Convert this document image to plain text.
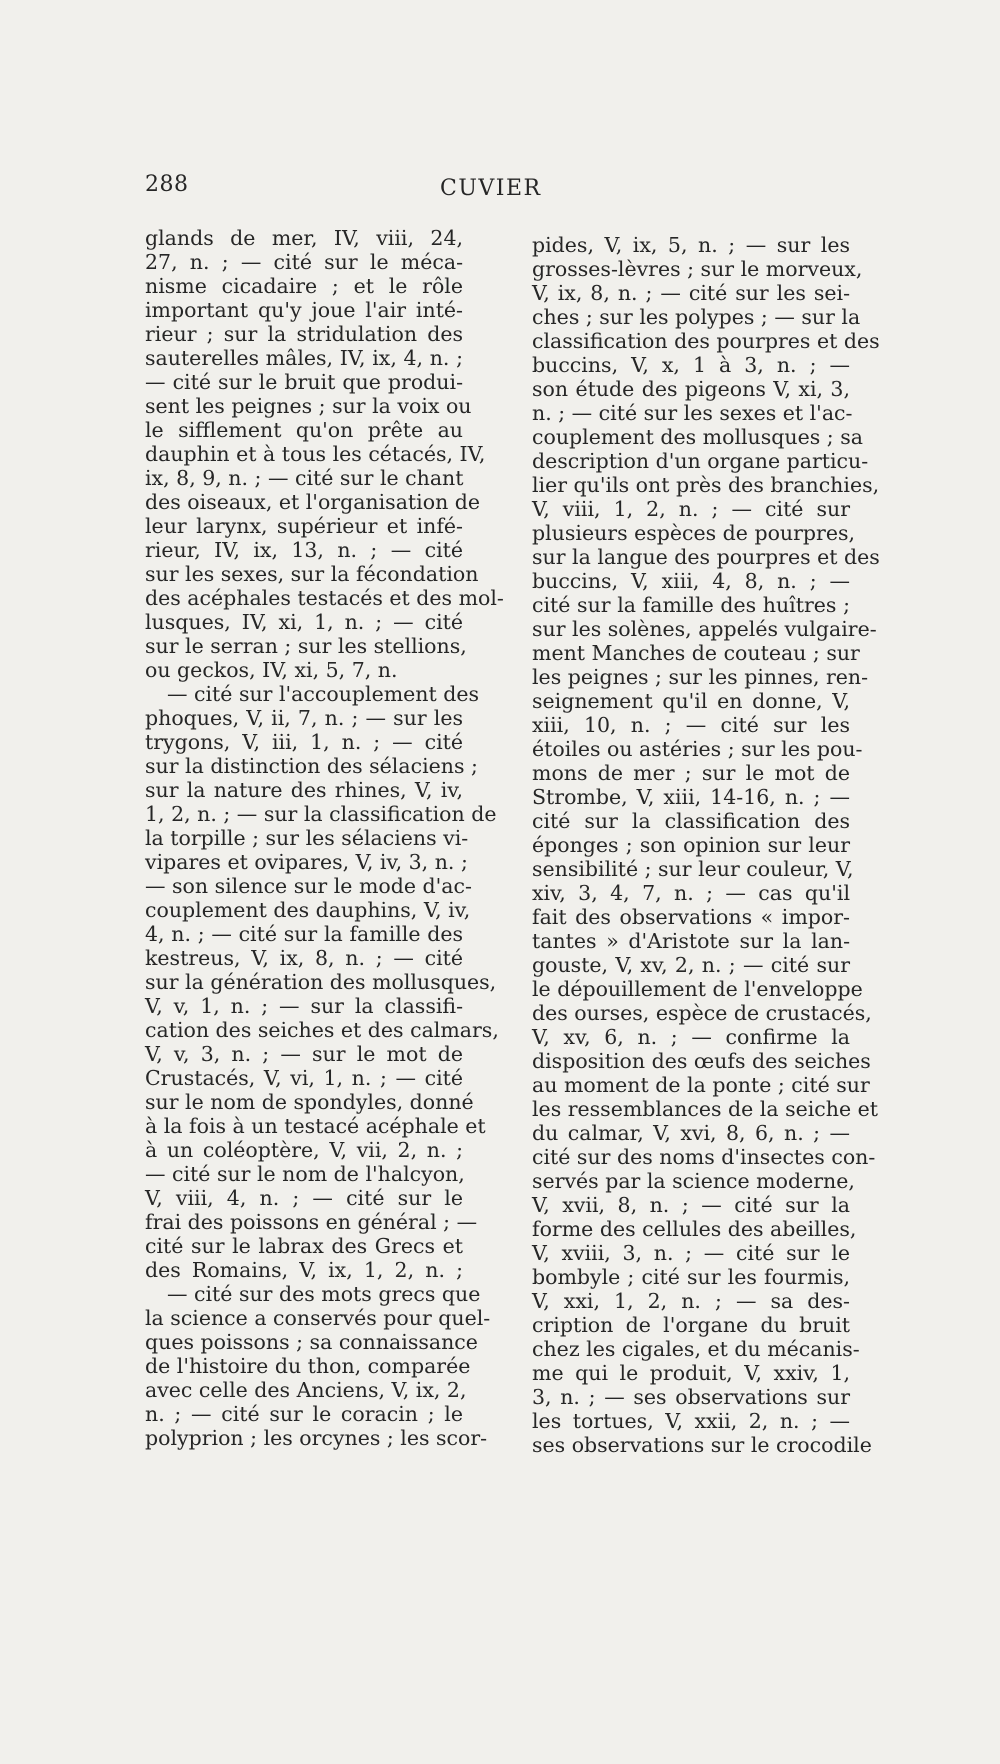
288	CUVIER
glands de mer, IV, viii, 24,
27, n. ; — cité sur le méca-
nisme cicadaire ; et le rôle
important qu'y joue l'air inté-
rieur ; sur la stridulation des
sauterelles mâles, IV, ix, 4, n. ;
— cité sur le bruit que produi-
sent les peignes ; sur la voix ou
le sifflement qu'on prête au
dauphin et à tous les cétacés, IV,
ix, 8, 9, n. ; — cité sur le chant
des oiseaux, et l'organisation de
leur larynx, supérieur et infé-
rieur, IV, ix, 13, n. ; — cité
sur les sexes, sur la fécondation
des acéphales testacés et des mol-
lusques, IV, xi, 1, n. ; — cité
sur le serran ; sur les stellions,
ou geckos, IV, xi, 5, 7, n.
— cité sur l'accouplement des
phoques, V, ii, 7, n. ; — sur les
trygons, V, iii, 1, n. ; — cité
sur la distinction des sélaciens ;
sur la nature des rhines, V, iv,
1, 2, n. ; — sur la classification de
la torpille ; sur les sélaciens vi-
vipares et ovipares, V, iv, 3, n. ;
— son silence sur le mode d'ac-
couplement des dauphins, V, iv,
4, n. ; — cité sur la famille des
kestreus, V, ix, 8, n. ; — cité
sur la génération des mollusques,
V, v, 1, n. ; — sur la classifi-
cation des seiches et des calmars,
V, v, 3, n. ; — sur le mot de
Crustacés, V, vi, 1, n. ; — cité
sur le nom de spondyles, donné
à la fois à un testacé acéphale et
à un coléoptère, V, vii, 2, n. ;
— cité sur le nom de l'halcyon,
V, viii, 4, n. ; — cité sur le
frai des poissons en général ; —
cité sur le labrax des Grecs et
des Romains, V, ix, 1, 2, n. ;
— cité sur des mots grecs que
la science a conservés pour quel-
ques poissons ; sa connaissance
de l'histoire du thon, comparée
avec celle des Anciens, V, ix, 2,
n. ; — cité sur le coracin ; le
polyprion ; les orcynes ; les scor-
pides, V, ix, 5, n. ; — sur les
grosses-lèvres ; sur le morveux,
V, ix, 8, n. ; — cité sur les sei-
ches ; sur les polypes ; — sur la
classification des pourpres et des
buccins, V, x, 1 à 3, n. ; —
son étude des pigeons V, xi, 3,
n. ; — cité sur les sexes et l'ac-
couplement des mollusques ; sa
description d'un organe particu-
lier qu'ils ont près des branchies,
V, viii, 1, 2, n. ; — cité sur
plusieurs espèces de pourpres,
sur la langue des pourpres et des
buccins, V, xiii, 4, 8, n. ; —
cité sur la famille des huîtres ;
sur les solènes, appelés vulgaire-
ment Manches de couteau ; sur
les peignes ; sur les pinnes, ren-
seignement qu'il en donne, V,
xiii, 10, n. ; — cité sur les
étoiles ou astéries ; sur les pou-
mons de mer ; sur le mot de
Strombe, V, xiii, 14-16, n. ; —
cité sur la classification des
éponges ; son opinion sur leur
sensibilité ; sur leur couleur, V,
xiv, 3, 4, 7, n. ; — cas qu'il
fait des observations « impor-
tantes » d'Aristote sur la lan-
gouste, V, xv, 2, n. ; — cité sur
le dépouillement de l'enveloppe
des ourses, espèce de crustacés,
V, xv, 6, n. ; — confirme la
disposition des œufs des seiches
au moment de la ponte ; cité sur
les ressemblances de la seiche et
du calmar, V, xvi, 8, 6, n. ; —
cité sur des noms d'insectes con-
servés par la science moderne,
V, xvii, 8, n. ; — cité sur la
forme des cellules des abeilles,
V, xviii, 3, n. ; — cité sur le
bombyle ; cité sur les fourmis,
V, xxi, 1, 2, n. ; — sa des-
cription de l'organe du bruit
chez les cigales, et du mécanis-
me qui le produit, V, xxiv, 1,
3, n. ; — ses observations sur
les tortues, V, xxii, 2, n. ; —
ses observations sur le crocodile
